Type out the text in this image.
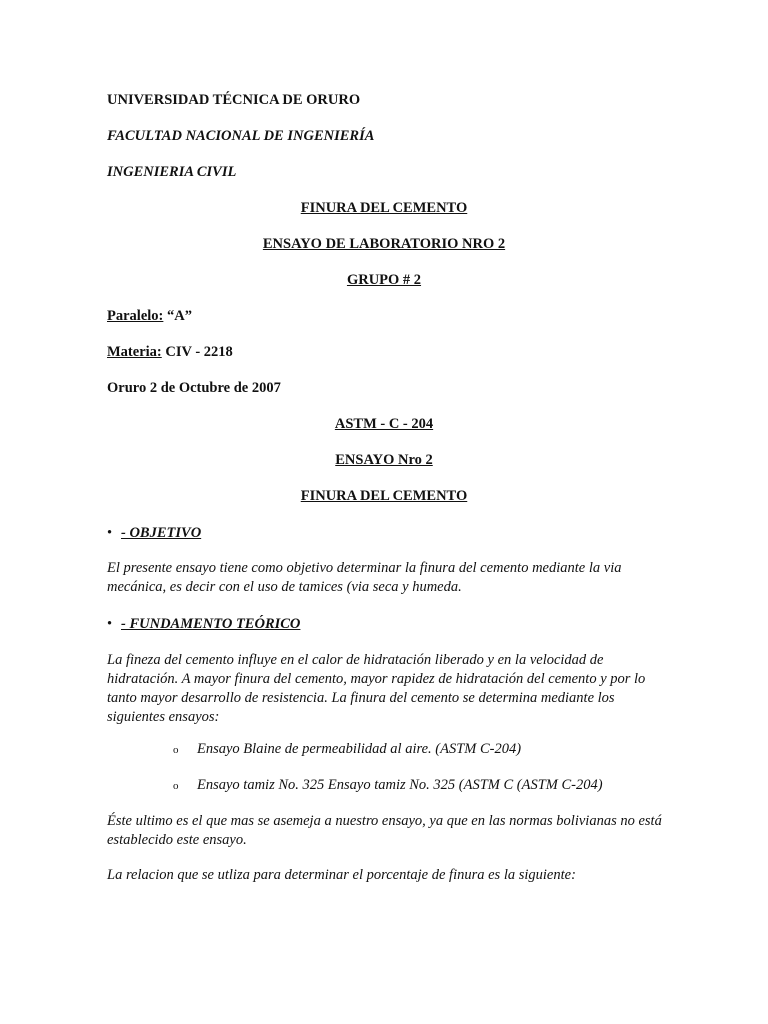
UNIVERSIDAD TÉCNICA DE ORURO
FACULTAD NACIONAL DE INGENIERÍA
INGENIERIA CIVIL
FINURA DEL CEMENTO
ENSAYO DE LABORATORIO NRO 2
GRUPO # 2
Paralelo: “A”
Materia: CIV - 2218
Oruro 2 de Octubre de 2007
ASTM - C - 204
ENSAYO Nro 2
FINURA DEL CEMENTO
• - OBJETIVO
El presente ensayo tiene como objetivo determinar la finura del cemento mediante la via mecánica, es decir con el uso de tamices (via seca y humeda.
• - FUNDAMENTO TEÓRICO
La fineza del cemento influye en el calor de hidratación liberado y en la velocidad de hidratación. A mayor finura del cemento, mayor rapidez de hidratación del cemento y por lo tanto mayor desarrollo de resistencia. La finura del cemento se determina mediante los siguientes ensayos:
o Ensayo Blaine de permeabilidad al aire. (ASTM C-204)
o Ensayo tamiz No. 325 Ensayo tamiz No. 325 (ASTM C (ASTM C-204)
Éste ultimo es el que mas se asemeja a nuestro ensayo, ya que en las normas bolivianas no está establecido este ensayo.
La relacion que se utliza para determinar el porcentaje de finura es la siguiente:
